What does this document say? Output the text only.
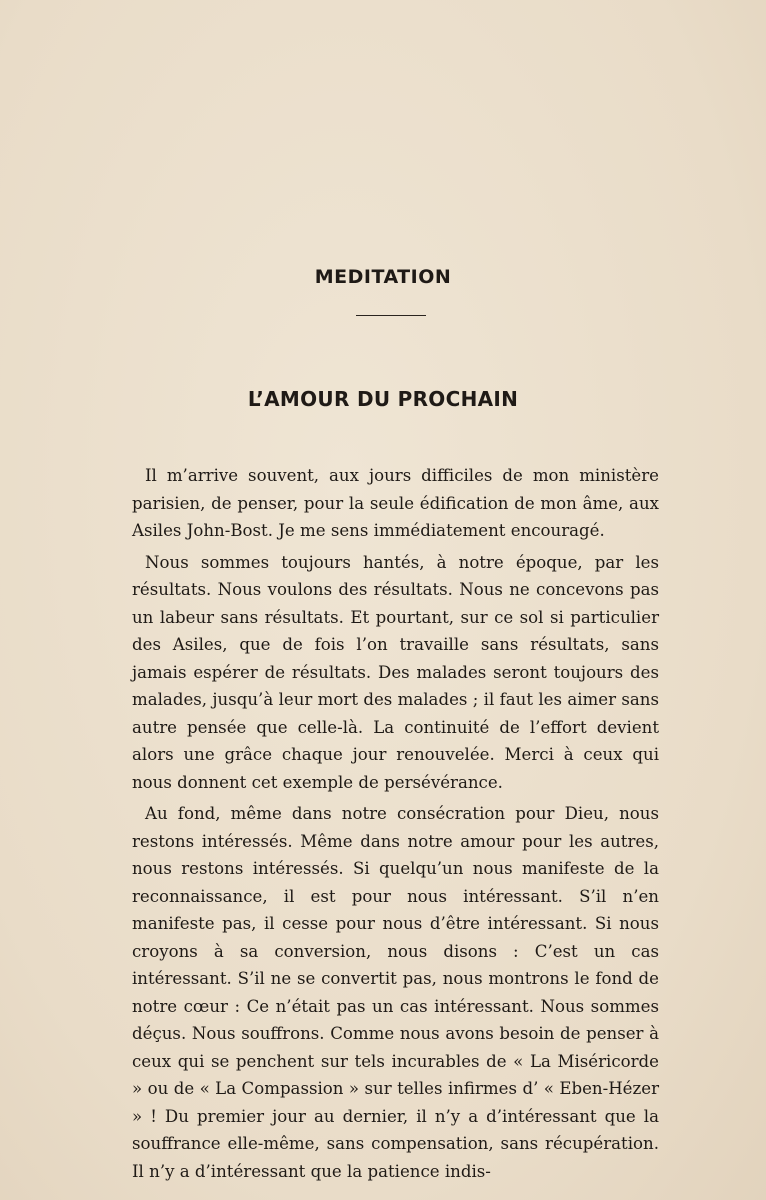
MEDITATION
L’AMOUR DU PROCHAIN

Il m’arrive souvent, aux jours difficiles de mon ministère parisien, de penser, pour la seule édification de mon âme, aux Asiles John-Bost. Je me sens immédiatement encouragé.

Nous sommes toujours hantés, à notre époque, par les résultats. Nous voulons des résultats. Nous ne concevons pas un labeur sans résultats. Et pourtant, sur ce sol si particulier des Asiles, que de fois l’on travaille sans résultats, sans jamais espérer de résultats. Des malades seront toujours des malades, jusqu’à leur mort des malades ; il faut les aimer sans autre pensée que celle-là. La continuité de l’effort devient alors une grâce chaque jour renouvelée. Merci à ceux qui nous donnent cet exemple de persévérance.

Au fond, même dans notre consécration pour Dieu, nous restons intéressés. Même dans notre amour pour les autres, nous restons intéressés. Si quelqu’un nous manifeste de la reconnaissance, il est pour nous intéressant. S’il n’en manifeste pas, il cesse pour nous d’être intéressant. Si nous croyons à sa conversion, nous disons : C’est un cas intéressant. S’il ne se convertit pas, nous montrons le fond de notre cœur : Ce n’était pas un cas intéressant. Nous sommes déçus. Nous souffrons. Comme nous avons besoin de penser à ceux qui se penchent sur tels incurables de « La Miséricorde » ou de « La Compassion » sur telles infirmes d’ « Eben-Hézer » ! Du premier jour au dernier, il n’y a d’intéressant que la souffrance elle-même, sans compensation, sans récupération. Il n’y a d’intéressant que la patience indis-
